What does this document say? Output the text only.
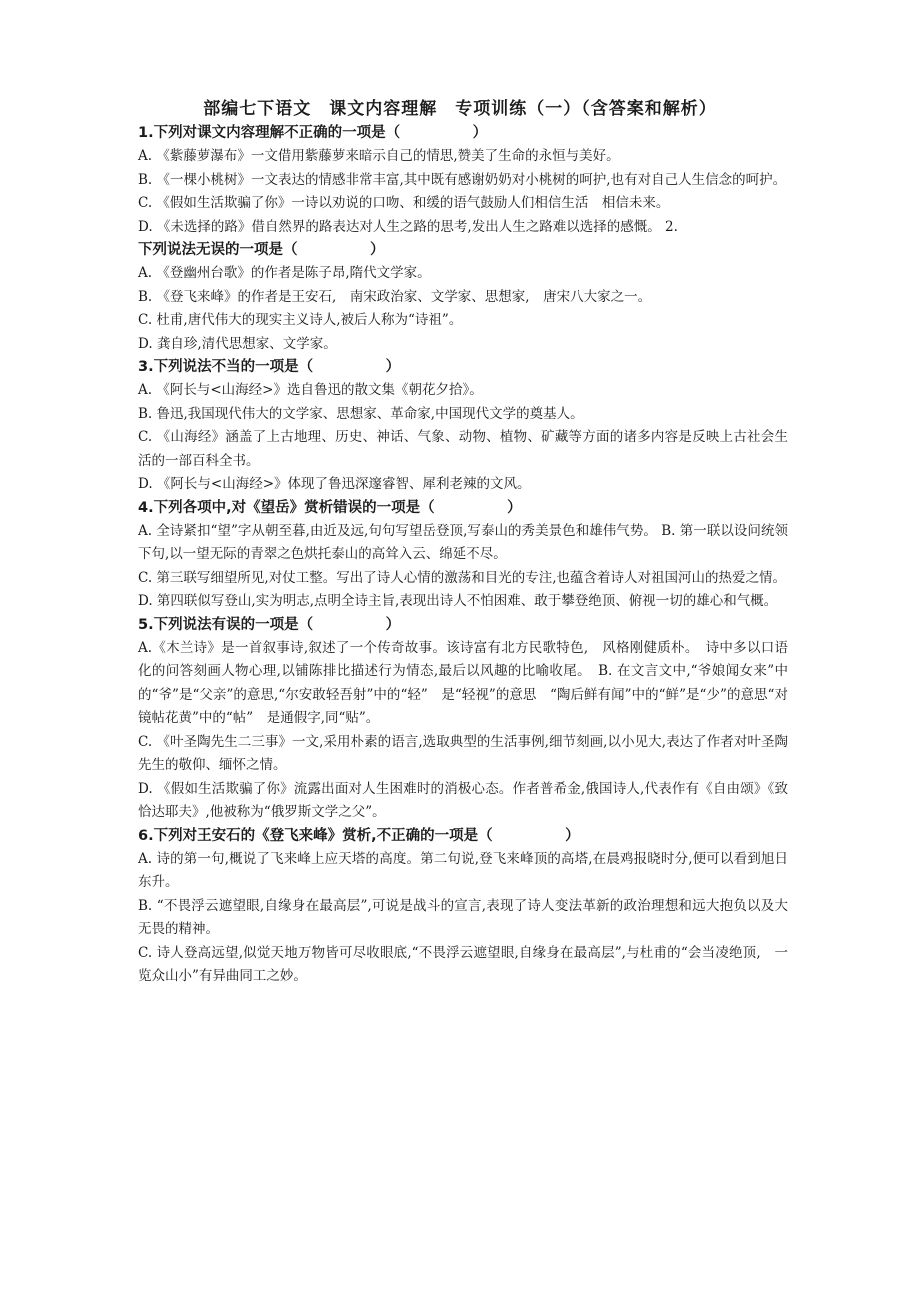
部编七下语文　课文内容理解　专项训练（一）（含答案和解析）

1.下列对课文内容理解不正确的一项是（　　　　　）

A. 《紫藤萝瀑布》一文借用紫藤萝来暗示自己的情思,赞美了生命的永恒与美好。

B. 《一棵小桃树》一文表达的情感非常丰富,其中既有感谢奶奶对小桃树的呵护,也有对自己人生信念的呵护。

C. 《假如生活欺骗了你》一诗以劝说的口吻、和缓的语气鼓励人们相信生活　相信未来。

D. 《未选择的路》借自然界的路表达对人生之路的思考,发出人生之路难以选择的感慨。 2.

下列说法无误的一项是（　　　　　）

A. 《登幽州台歌》的作者是陈子昂,隋代文学家。

B. 《登飞来峰》的作者是王安石,　南宋政治家、文学家、思想家,　唐宋八大家之一。

C. 杜甫,唐代伟大的现实主义诗人,被后人称为“诗祖”。

D. 龚自珍,清代思想家、文学家。

3.下列说法不当的一项是（　　　　　）

A. 《阿长与<山海经>》选自鲁迅的散文集《朝花夕拾》。

B. 鲁迅,我国现代伟大的文学家、思想家、革命家,中国现代文学的奠基人。

C. 《山海经》涵盖了上古地理、历史、神话、气象、动物、植物、矿藏等方面的诸多内容是反映上古社会生活的一部百科全书。

D. 《阿长与<山海经>》体现了鲁迅深邃睿智、犀利老辣的文风。

4.下列各项中,对《望岳》赏析错误的一项是（　　　　　）

A. 全诗紧扣“望”字从朝至暮,由近及远,句句写望岳登顶,写泰山的秀美景色和雄伟气势。 B. 第一联以设问统领下句,以一望无际的青翠之色烘托泰山的高耸入云、绵延不尽。

C. 第三联写细望所见,对仗工整。写出了诗人心情的激荡和目光的专注,也蕴含着诗人对祖国河山的热爱之情。

D. 第四联似写登山,实为明志,点明全诗主旨,表现出诗人不怕困难、敢于攀登绝顶、俯视一切的雄心和气概。

5.下列说法有误的一项是（　　　　　）

A.《木兰诗》是一首叙事诗,叙述了一个传奇故事。该诗富有北方民歌特色,　风格刚健质朴。　诗中多以口语化的问答刻画人物心理,以铺陈排比描述行为情态,最后以风趣的比喻收尾。　B. 在文言文中,“爷娘闻女来”中的“爷”是“父亲”的意思,“尔安敢轻吾射”中的“轻”　是“轻视”的意思　“陶后鲜有闻”中的“鲜”是“少”的意思“对镜帖花黄”中的“帖”　是通假字,同“贴”。

C. 《叶圣陶先生二三事》一文,采用朴素的语言,选取典型的生活事例,细节刻画,以小见大,表达了作者对叶圣陶先生的敬仰、缅怀之情。

D. 《假如生活欺骗了你》流露出面对人生困难时的消极心态。作者普希金,俄国诗人,代表作有《自由颂》《致恰达耶夫》,他被称为“俄罗斯文学之父”。

6.下列对王安石的《登飞来峰》赏析,不正确的一项是（　　　　　）

A. 诗的第一句,概说了飞来峰上应天塔的高度。第二句说,登飞来峰顶的高塔,在晨鸡报晓时分,便可以看到旭日东升。

B. “不畏浮云遮望眼,自缘身在最高层”,可说是战斗的宣言,表现了诗人变法革新的政治理想和远大抱负以及大无畏的精神。

C. 诗人登高远望,似觉天地万物皆可尽收眼底,“不畏浮云遮望眼,自缘身在最高层”,与杜甫的“会当凌绝顶,　一览众山小”有异曲同工之妙。
